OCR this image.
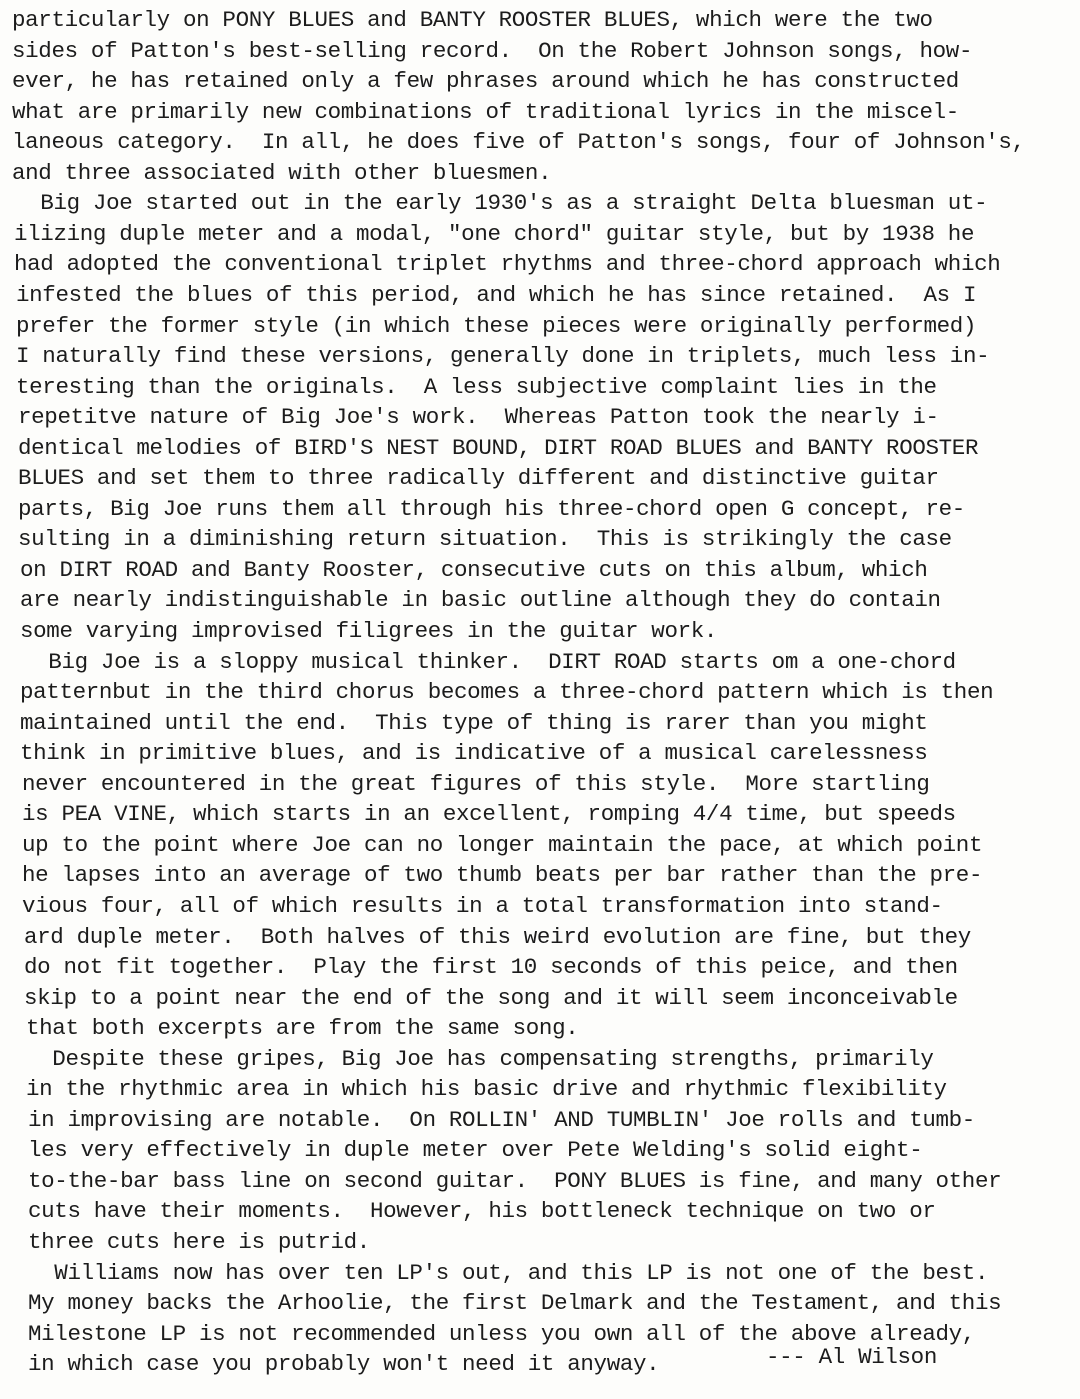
particularly on PONY BLUES and BANTY ROOSTER BLUES, which were the two
sides of Patton's best-selling record.  On the Robert Johnson songs, how-
ever, he has retained only a few phrases around which he has constructed
what are primarily new combinations of traditional lyrics in the miscel-
laneous category.  In all, he does five of Patton's songs, four of Johnson's,
and three associated with other bluesmen.
Big Joe started out in the early 1930's as a straight Delta bluesman ut-
ilizing duple meter and a modal, "one chord" guitar style, but by 1938 he
had adopted the conventional triplet rhythms and three-chord approach which
infested the blues of this period, and which he has since retained.  As I
prefer the former style (in which these pieces were originally performed)
I naturally find these versions, generally done in triplets, much less in-
teresting than the originals.  A less subjective complaint lies in the
repetitve nature of Big Joe's work.  Whereas Patton took the nearly i-
dentical melodies of BIRD'S NEST BOUND, DIRT ROAD BLUES and BANTY ROOSTER
BLUES and set them to three radically different and distinctive guitar
parts, Big Joe runs them all through his three-chord open G concept, re-
sulting in a diminishing return situation.  This is strikingly the case
on DIRT ROAD and Banty Rooster, consecutive cuts on this album, which
are nearly indistinguishable in basic outline although they do contain
some varying improvised filigrees in the guitar work.
Big Joe is a sloppy musical thinker.  DIRT ROAD starts om a one-chord
patternbut in the third chorus becomes a three-chord pattern which is then
maintained until the end.  This type of thing is rarer than you might
think in primitive blues, and is indicative of a musical carelessness
never encountered in the great figures of this style.  More startling
is PEA VINE, which starts in an excellent, romping 4/4 time, but speeds
up to the point where Joe can no longer maintain the pace, at which point
he lapses into an average of two thumb beats per bar rather than the pre-
vious four, all of which results in a total transformation into stand-
ard duple meter.  Both halves of this weird evolution are fine, but they
do not fit together.  Play the first 10 seconds of this peice, and then
skip to a point near the end of the song and it will seem inconceivable
that both excerpts are from the same song.
Despite these gripes, Big Joe has compensating strengths, primarily
in the rhythmic area in which his basic drive and rhythmic flexibility
in improvising are notable.  On ROLLIN' AND TUMBLIN' Joe rolls and tumb-
les very effectively in duple meter over Pete Welding's solid eight-
to-the-bar bass line on second guitar.  PONY BLUES is fine, and many other
cuts have their moments.  However, his bottleneck technique on two or
three cuts here is putrid.
Williams now has over ten LP's out, and this LP is not one of the best.
My money backs the Arhoolie, the first Delmark and the Testament, and this
Milestone LP is not recommended unless you own all of the above already,
in which case you probably won't need it anyway.	--- Al Wilson
